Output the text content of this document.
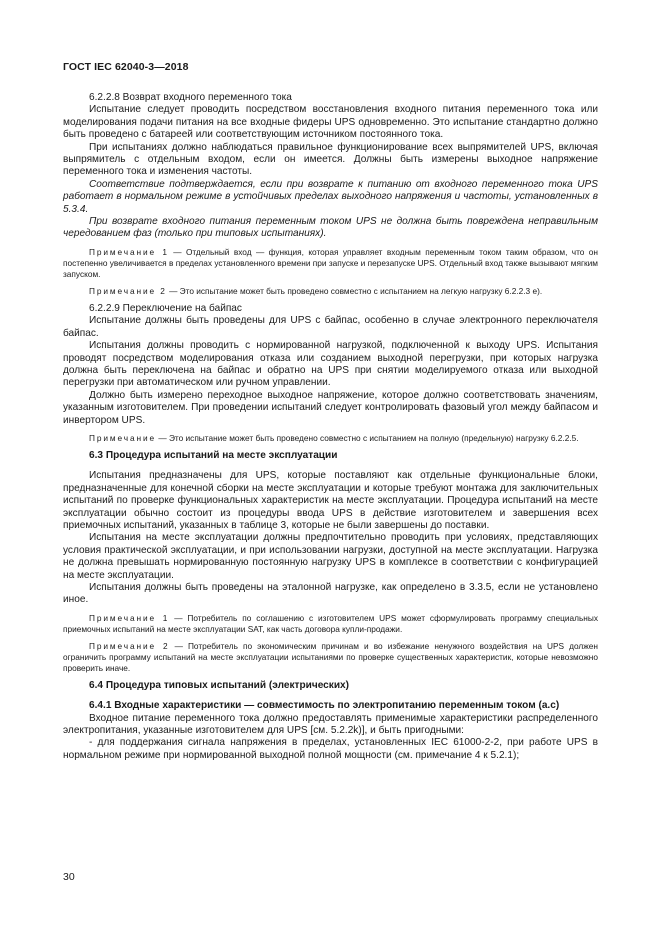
ГОСТ IEC 62040-3—2018

6.2.2.8 Возврат входного переменного тока

Испытание следует проводить посредством восстановления входного питания переменного тока или моделирования подачи питания на все входные фидеры UPS одновременно. Это испытание стандартно должно быть проведено с батареей или соответствующим источником постоянного тока.

При испытаниях должно наблюдаться правильное функционирование всех выпрямителей UPS, включая выпрямитель с отдельным входом, если он имеется. Должны быть измерены выходное напряжение переменного тока и изменения частоты.

Соответствие подтверждается, если при возврате к питанию от входного переменного тока UPS работает в нормальном режиме в устойчивых пределах выходного напряжения и частоты, установленных в 5.3.4.

При возврате входного питания переменным током UPS не должна быть повреждена неправильным чередованием фаз (только при типовых испытаниях).

Примечание 1 — Отдельный вход — функция, которая управляет входным переменным током таким образом, что он постепенно увеличивается в пределах установленного времени при запуске и перезапуске UPS. Отдельный вход также вызывают мягким запуском.

Примечание 2 — Это испытание может быть проведено совместно с испытанием на легкую нагрузку 6.2.2.3 е).

6.2.2.9 Переключение на байпас

Испытание должны быть проведены для UPS с байпас, особенно в случае электронного переключателя байпас.

Испытания должны проводить с нормированной нагрузкой, подключенной к выходу UPS. Испытания проводят посредством моделирования отказа или созданием выходной перегрузки, при которых нагрузка должна быть переключена на байпас и обратно на UPS при снятии моделируемого отказа или выходной перегрузки при автоматическом или ручном управлении.

Должно быть измерено переходное выходное напряжение, которое должно соответствовать значениям, указанным изготовителем. При проведении испытаний следует контролировать фазовый угол между байпасом и инвертором UPS.

Примечание — Это испытание может быть проведено совместно с испытанием на полную (предельную) нагрузку 6.2.2.5.

6.3 Процедура испытаний на месте эксплуатации

Испытания предназначены для UPS, которые поставляют как отдельные функциональные блоки, предназначенные для конечной сборки на месте эксплуатации и которые требуют монтажа для заключительных испытаний по проверке функциональных характеристик на месте эксплуатации. Процедура испытаний на месте эксплуатации обычно состоит из процедуры ввода UPS в действие изготовителем и завершения всех приемочных испытаний, указанных в таблице 3, которые не были завершены до поставки.

Испытания на месте эксплуатации должны предпочтительно проводить при условиях, представляющих условия практической эксплуатации, и при использовании нагрузки, доступной на месте эксплуатации. Нагрузка не должна превышать нормированную постоянную нагрузку UPS в комплексе в соответствии с конфигурацией на месте эксплуатации.

Испытания должны быть проведены на эталонной нагрузке, как определено в 3.3.5, если не установлено иное.

Примечание 1 — Потребитель по соглашению с изготовителем UPS может сформулировать программу специальных приемочных испытаний на месте эксплуатации SAT, как часть договора купли-продажи.

Примечание 2 — Потребитель по экономическим причинам и во избежание ненужного воздействия на UPS должен ограничить программу испытаний на месте эксплуатации испытаниями по проверке существенных характеристик, которые невозможно проверить иначе.

6.4 Процедура типовых испытаний (электрических)

6.4.1 Входные характеристики — совместимость по электропитанию переменным током (a.c)

Входное питание переменного тока должно предоставлять применимые характеристики распределенного электропитания, указанные изготовителем для UPS [см. 5.2.2k)], и быть пригодными:

- для поддержания сигнала напряжения в пределах, установленных IEC 61000-2-2, при работе UPS в нормальном режиме при нормированной выходной полной мощности (см. примечание 4 к 5.2.1);

30
